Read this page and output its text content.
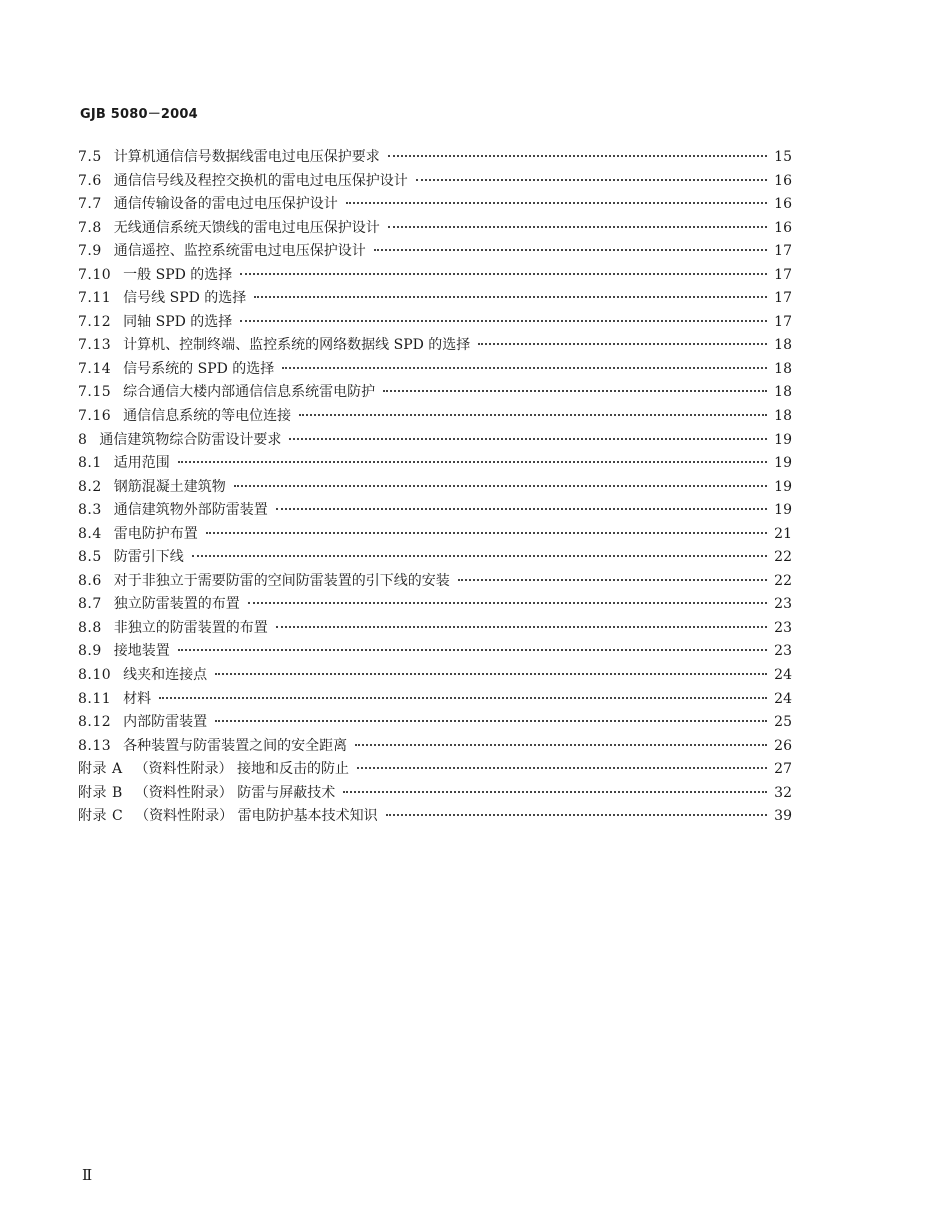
GJB 5080－2004
7.5 计算机通信信号数据线雷电过电压保护要求	15
7.6 通信信号线及程控交换机的雷电过电压保护设计	16
7.7 通信传输设备的雷电过电压保护设计	16
7.8 无线通信系统天馈线的雷电过电压保护设计	16
7.9 通信遥控、监控系统雷电过电压保护设计	17
7.10 一般 SPD 的选择	17
7.11 信号线 SPD 的选择	17
7.12 同轴 SPD 的选择	17
7.13 计算机、控制终端、监控系统的网络数据线 SPD 的选择	18
7.14 信号系统的 SPD 的选择	18
7.15 综合通信大楼内部通信信息系统雷电防护	18
7.16 通信信息系统的等电位连接	18
8 通信建筑物综合防雷设计要求	19
8.1 适用范围	19
8.2 钢筋混凝土建筑物	19
8.3 通信建筑物外部防雷装置	19
8.4 雷电防护布置	21
8.5 防雷引下线	22
8.6 对于非独立于需要防雷的空间防雷装置的引下线的安装	22
8.7 独立防雷装置的布置	23
8.8 非独立的防雷装置的布置	23
8.9 接地装置	23
8.10 线夹和连接点	24
8.11 材料	24
8.12 内部防雷装置	25
8.13 各种装置与防雷装置之间的安全距离	26
附录 A （资料性附录） 接地和反击的防止	27
附录 B （资料性附录） 防雷与屏蔽技术	32
附录 C （资料性附录） 雷电防护基本技术知识	39
Ⅱ
